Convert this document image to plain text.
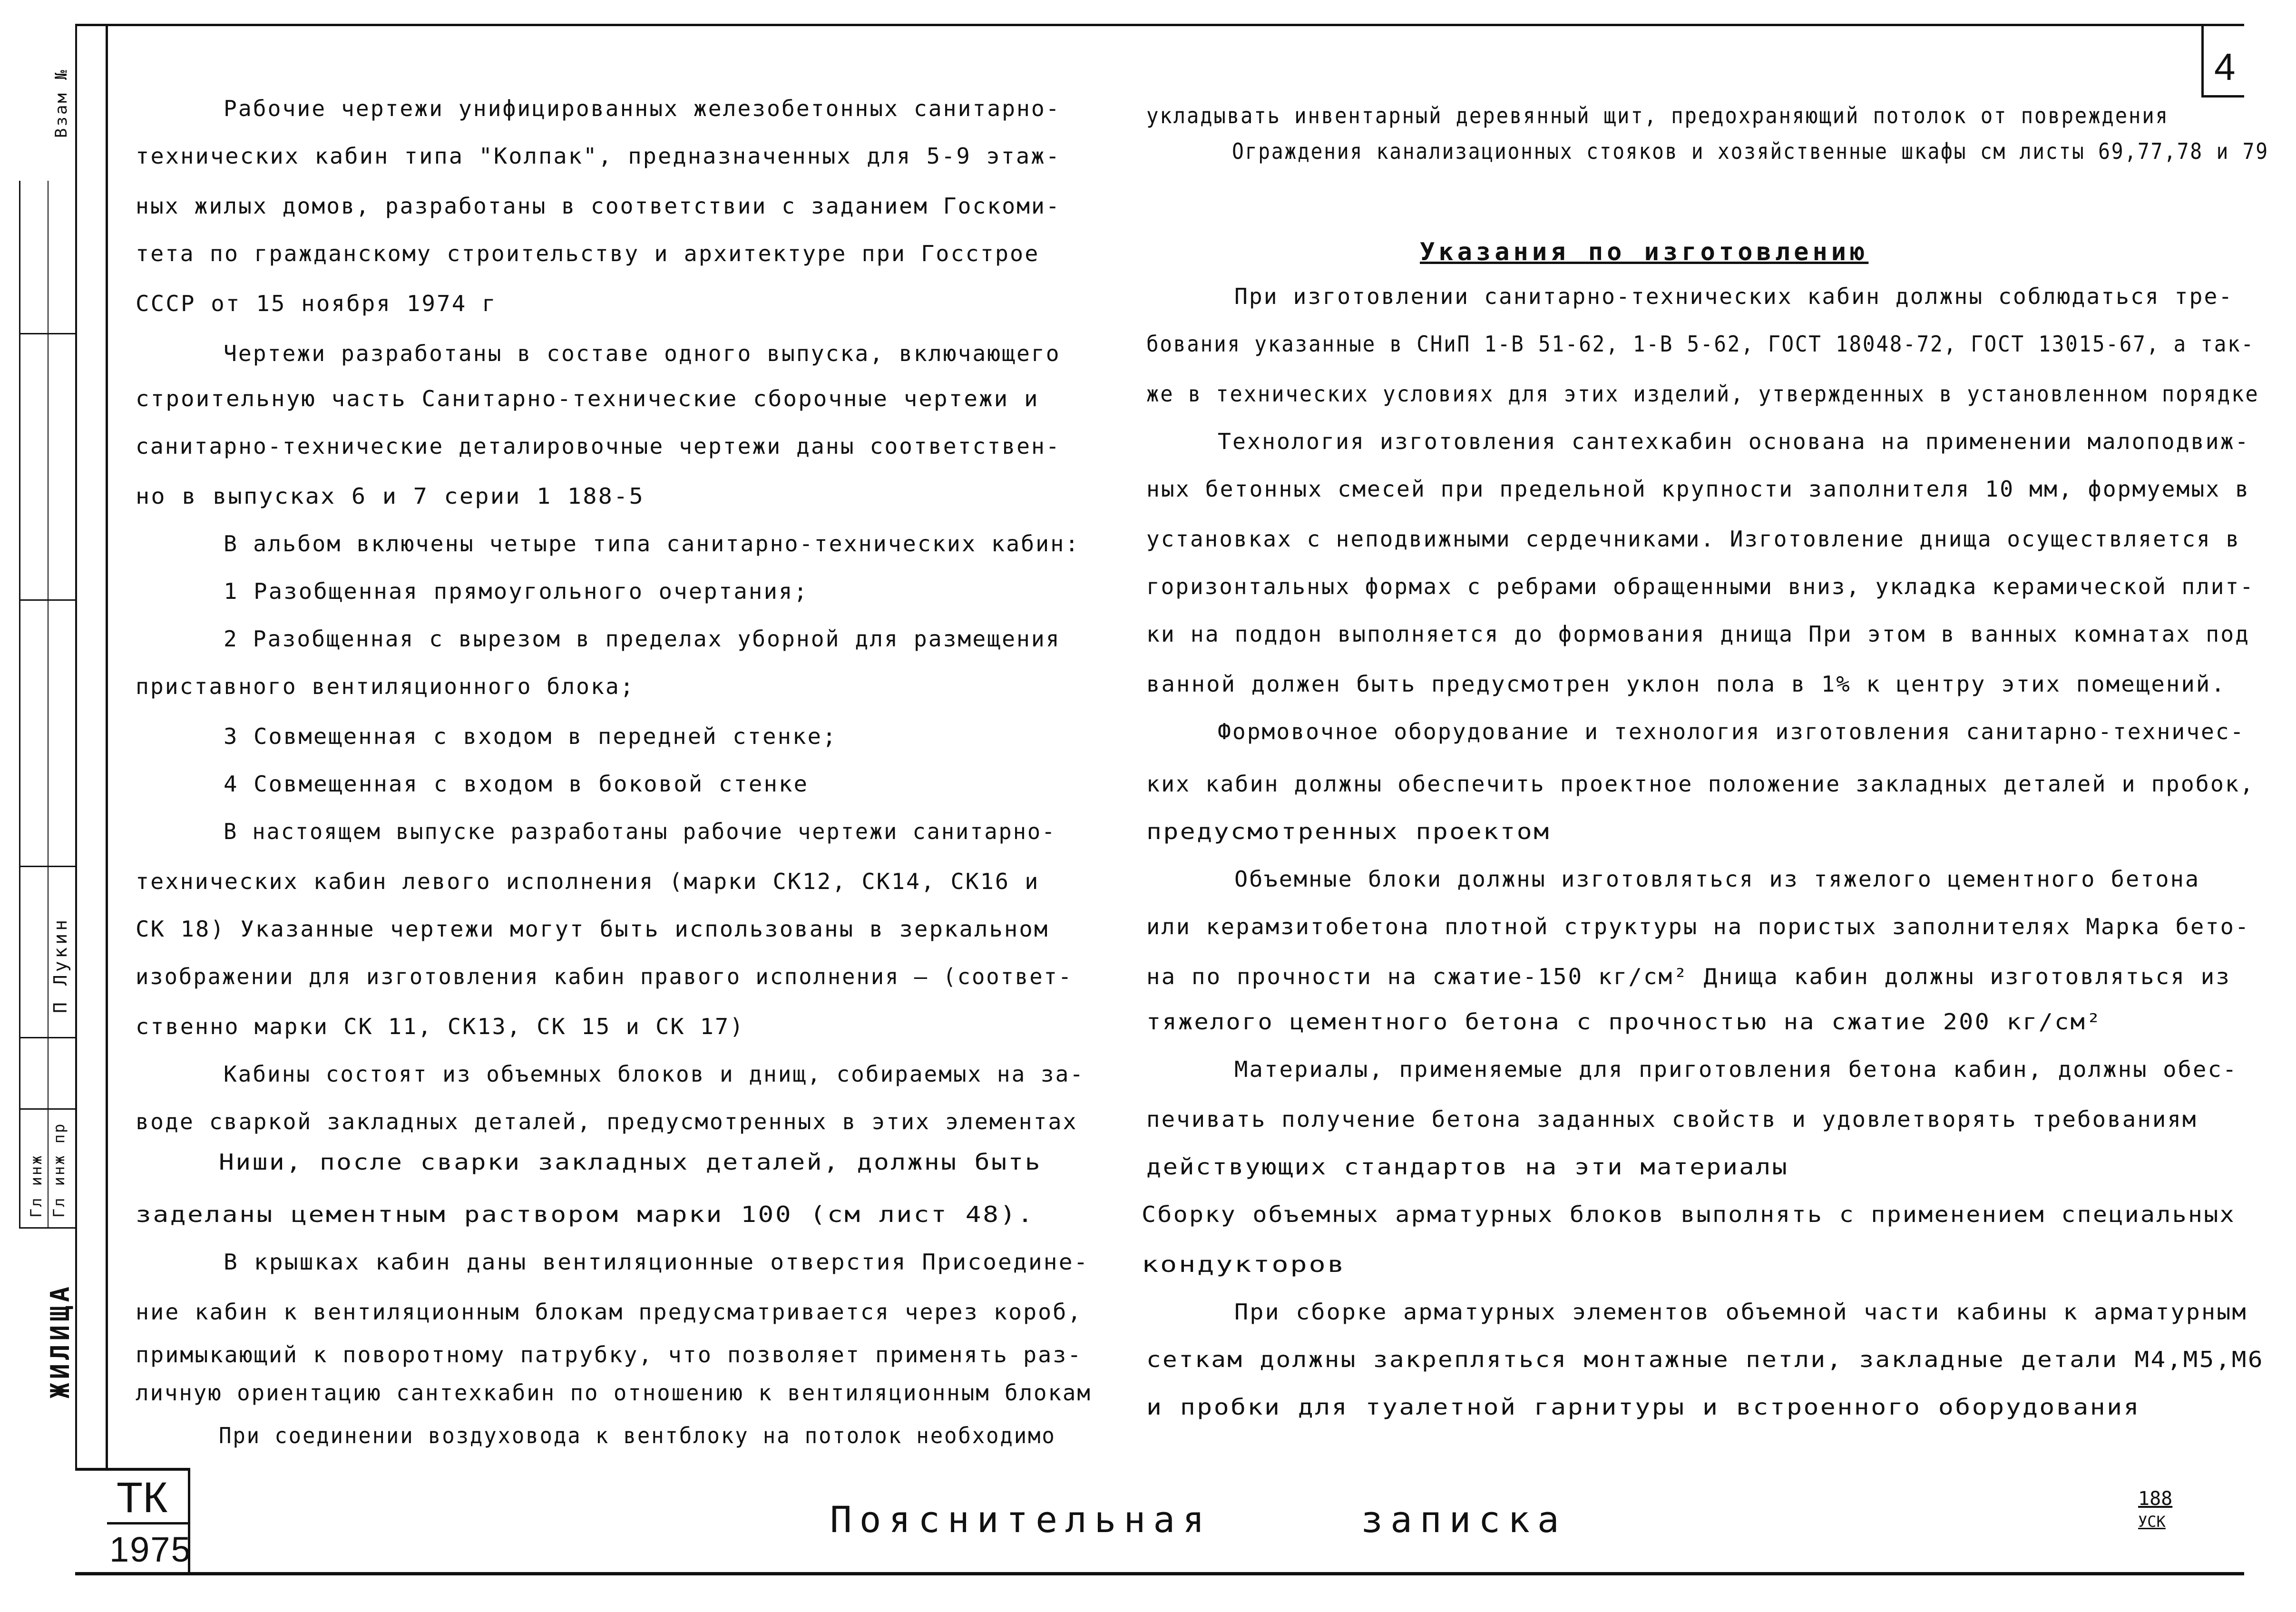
Взам №
П Лукин
Гл инж пр
Гл инж
ЖИЛИЩА
4
Рабочие чертежи унифицированных железобетонных санитарно-
технических кабин типа "Колпак", предназначенных для 5-9 этаж-
ных жилых домов, разработаны в соответствии с заданием Госкоми-
тета по гражданскому строительству и архитектуре при Госстрое
СССР от 15 ноября 1974 г
Чертежи разработаны в составе одного выпуска, включающего
строительную часть Санитарно-технические сборочные чертежи и
санитарно-технические деталировочные чертежи даны соответствен-
но в выпусках 6 и 7 серии 1 188-5
В альбом включены четыре типа санитарно-технических кабин:
1 Разобщенная прямоугольного очертания;
2 Разобщенная с вырезом в пределах уборной для размещения
приставного вентиляционного блока;
3 Совмещенная с входом в передней стенке;
4 Совмещенная с входом в боковой стенке
В настоящем выпуске разработаны рабочие чертежи санитарно-
технических кабин левого исполнения (марки СК12, СК14, СК16 и
СК 18) Указанные чертежи могут быть использованы в зеркальном
изображении для изготовления кабин правого исполнения – (соответ-
ственно марки СК 11, СК13, СК 15 и СК 17)
Кабины состоят из объемных блоков и днищ, собираемых на за-
воде сваркой закладных деталей, предусмотренных в этих элементах
Ниши, после сварки закладных деталей, должны быть
заделаны цементным раствором марки 100 (см лист 48).
В крышках кабин даны вентиляционные отверстия Присоедине-
ние кабин к вентиляционным блокам предусматривается через короб,
примыкающий к поворотному патрубку, что позволяет применять раз-
личную ориентацию сантехкабин по отношению к вентиляционным блокам
При соединении воздуховода к вентблоку на потолок необходимо
укладывать инвентарный деревянный щит, предохраняющий потолок от повреждения
Ограждения канализационных стояков и хозяйственные шкафы см листы 69,77,78 и 79
Указания по изготовлению
При изготовлении санитарно-технических кабин должны соблюдаться тре-
бования указанные в СНиП 1-В 51-62, 1-В 5-62, ГОСТ 18048-72, ГОСТ 13015-67, а так-
же в технических условиях для этих изделий, утвержденных в установленном порядке
Технология изготовления сантехкабин основана на применении малоподвиж-
ных бетонных смесей при предельной крупности заполнителя 10 мм, формуемых в
установках с неподвижными сердечниками. Изготовление днища осуществляется в
горизонтальных формах с ребрами обращенными вниз, укладка керамической плит-
ки на поддон выполняется до формования днища При этом в ванных комнатах под
ванной должен быть предусмотрен уклон пола в 1% к центру этих помещений.
Формовочное оборудование и технология изготовления санитарно-техничес-
ких кабин должны обеспечить проектное положение закладных деталей и пробок,
предусмотренных проектом
Объемные блоки должны изготовляться из тяжелого цементного бетона
или керамзитобетона плотной структуры на пористых заполнителях Марка бето-
на по прочности на сжатие-150 кг/см² Днища кабин должны изготовляться из
тяжелого цементного бетона с прочностью на сжатие 200 кг/см²
Материалы, применяемые для приготовления бетона кабин, должны обес-
печивать получение бетона заданных свойств и удовлетворять требованиям
действующих стандартов на эти материалы
Сборку объемных арматурных блоков выполнять с применением специальных
кондукторов
При сборке арматурных элементов объемной части кабины к арматурным
сеткам должны закрепляться монтажные петли, закладные детали М4,М5,М6
и пробки для туалетной гарнитуры и встроенного оборудования
ТК
1975
Пояснительная	записка	188
УСК
